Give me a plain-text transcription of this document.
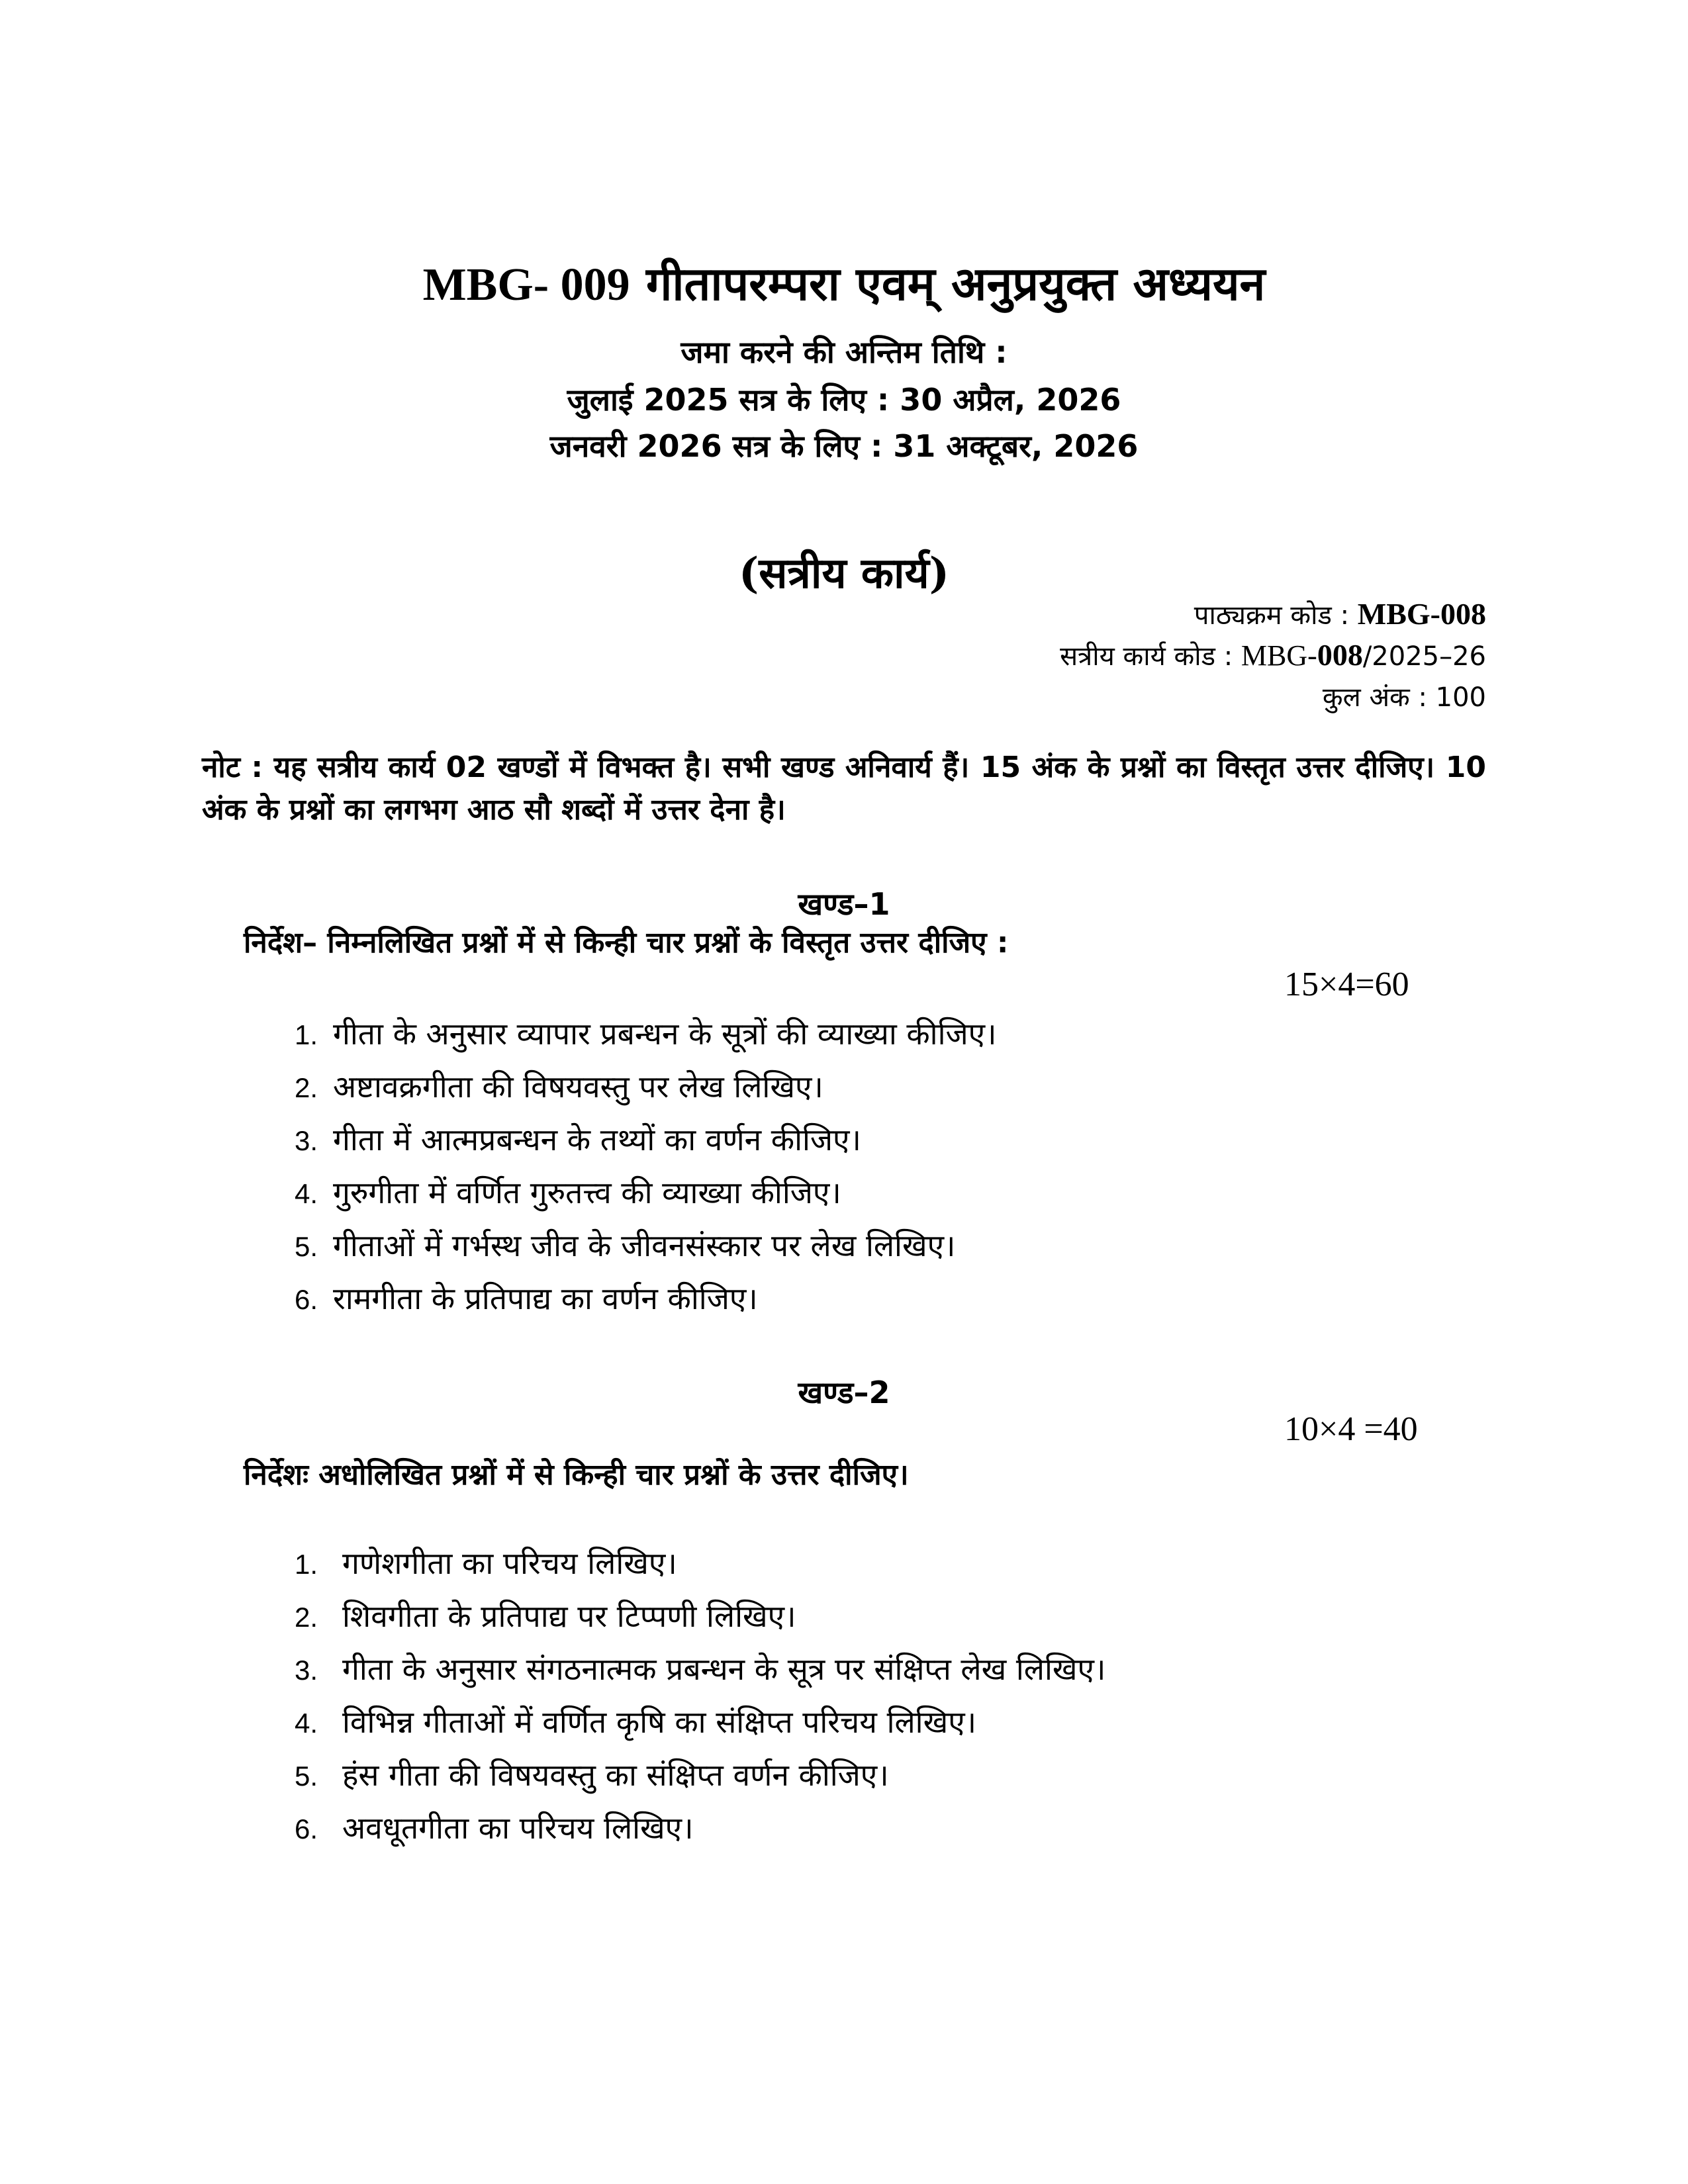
MBG- 009 गीतापरम्परा एवम् अनुप्रयुक्त अध्ययन
जमा करने की अन्तिम तिथि :
जुलाई 2025 सत्र के लिए : 30 अप्रैल, 2026
जनवरी 2026 सत्र के लिए : 31 अक्टूबर, 2026
(सत्रीय कार्य)
पाठ्यक्रम कोड : MBG-008
सत्रीय कार्य कोड : MBG-008/2025–26
कुल अंक : 100
नोट : यह सत्रीय कार्य 02 खण्डों में विभक्त है। सभी खण्ड अनिवार्य हैं। 15 अंक के प्रश्नों का विस्तृत उत्तर दीजिए। 10 अंक के प्रश्नों का लगभग आठ सौ शब्दों में उत्तर देना है।
खण्ड–1
निर्देश– निम्नलिखित प्रश्नों में से किन्ही चार प्रश्नों के विस्तृत उत्तर दीजिए :
15×4=60
1. गीता के अनुसार व्यापार प्रबन्धन के सूत्रों की व्याख्या कीजिए।
2. अष्टावक्रगीता की विषयवस्तु पर लेख लिखिए।
3. गीता में आत्मप्रबन्धन के तथ्यों का वर्णन कीजिए।
4. गुरुगीता में वर्णित गुरुतत्त्व की व्याख्या कीजिए।
5. गीताओं में गर्भस्थ जीव के जीवनसंस्कार पर लेख लिखिए।
6. रामगीता के प्रतिपाद्य का वर्णन कीजिए।
खण्ड–2
10×4 =40
निर्देशः अधोलिखित प्रश्नों में से किन्ही चार प्रश्नों के उत्तर दीजिए।
1. गणेशगीता का परिचय लिखिए।
2. शिवगीता के प्रतिपाद्य पर टिप्पणी लिखिए।
3. गीता के अनुसार संगठनात्मक प्रबन्धन के सूत्र पर संक्षिप्त लेख लिखिए।
4. विभिन्न गीताओं में वर्णित कृषि का संक्षिप्त परिचय लिखिए।
5. हंस गीता की विषयवस्तु का संक्षिप्त वर्णन कीजिए।
6. अवधूतगीता का परिचय लिखिए।
